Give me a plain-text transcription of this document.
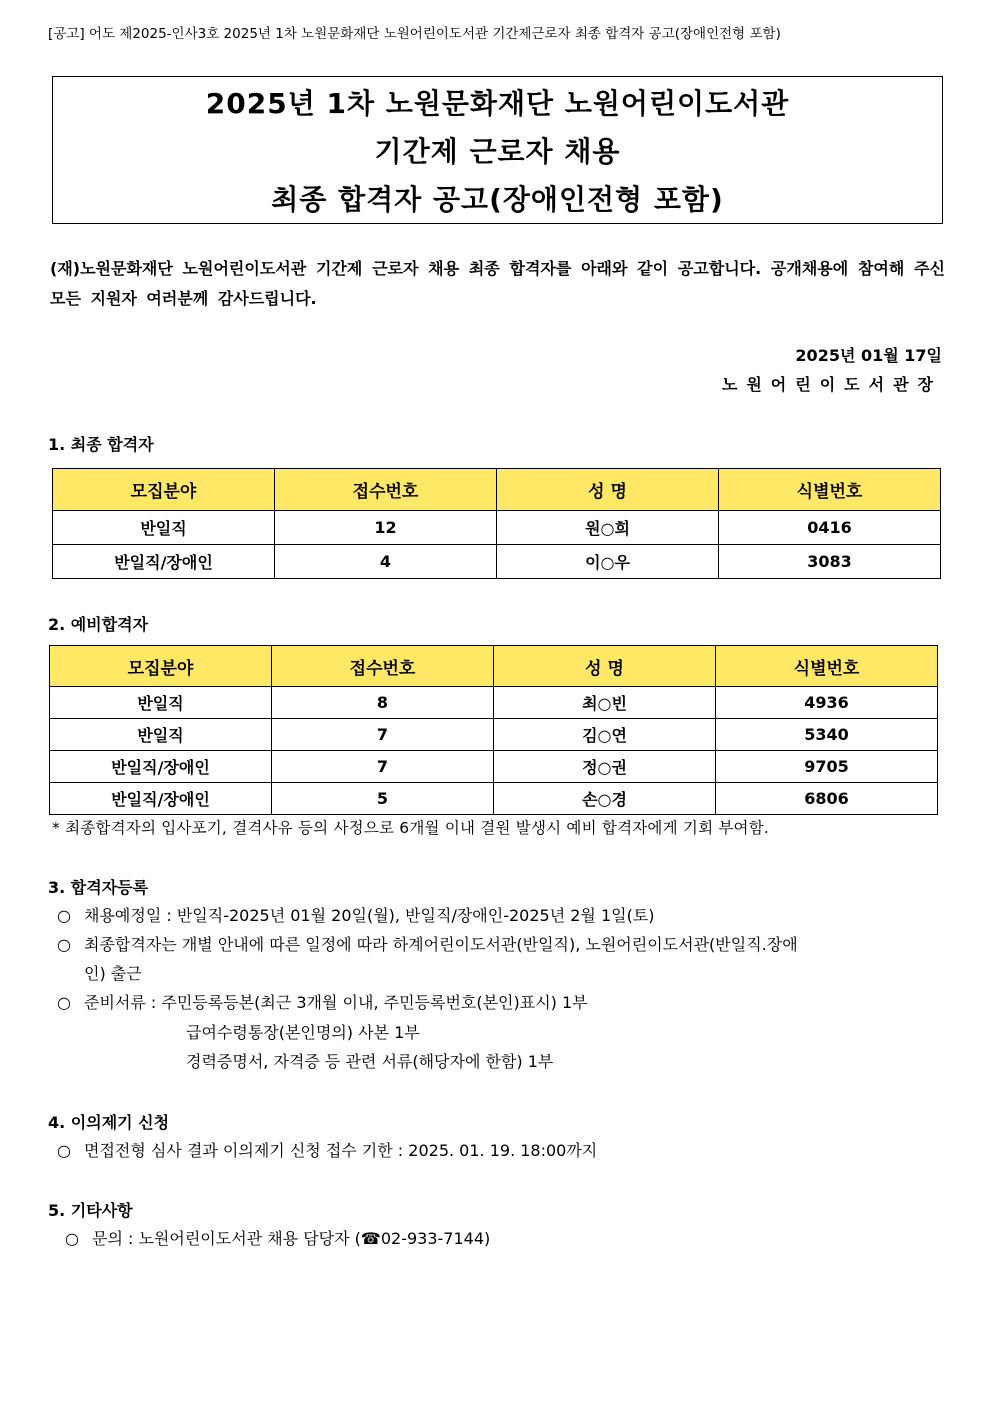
[공고] 어도 제2025-인사3호 2025년 1차 노원문화재단 노원어린이도서관 기간제근로자 최종 합격자 공고(장애인전형 포함)
2025년 1차 노원문화재단 노원어린이도서관
기간제 근로자 채용
최종 합격자 공고(장애인전형 포함)
(재)노원문화재단 노원어린이도서관 기간제 근로자 채용 최종 합격자를 아래와 같이 공고합니다. 공개채용에 참여해 주신 모든 지원자 여러분께 감사드립니다.
2025년 01월 17일
노원어린이도서관장
1. 최종 합격자
모집분야	접수번호	성 명	식별번호
반일직	12	원○희	0416
반일직/장애인	4	이○우	3083
2. 예비합격자
모집분야	접수번호	성 명	식별번호
반일직	8	최○빈	4936
반일직	7	김○연	5340
반일직/장애인	7	정○권	9705
반일직/장애인	5	손○경	6806
* 최종합격자의 입사포기, 결격사유 등의 사정으로 6개월 이내 결원 발생시 예비 합격자에게 기회 부여함.
3. 합격자등록
○ 채용예정일 : 반일직-2025년 01월 20일(월), 반일직/장애인-2025년 2월 1일(토)
○ 최종합격자는 개별 안내에 따른 일정에 따라 하계어린이도서관(반일직), 노원어린이도서관(반일직.장애
인) 출근
○ 준비서류 : 주민등록등본(최근 3개월 이내, 주민등록번호(본인)표시) 1부
급여수령통장(본인명의) 사본 1부
경력증명서, 자격증 등 관련 서류(해당자에 한함) 1부
4. 이의제기 신청
○ 면접전형 심사 결과 이의제기 신청 접수 기한 : 2025. 01. 19. 18:00까지
5. 기타사항
○ 문의 : 노원어린이도서관 채용 담당자 (☎02-933-7144)
